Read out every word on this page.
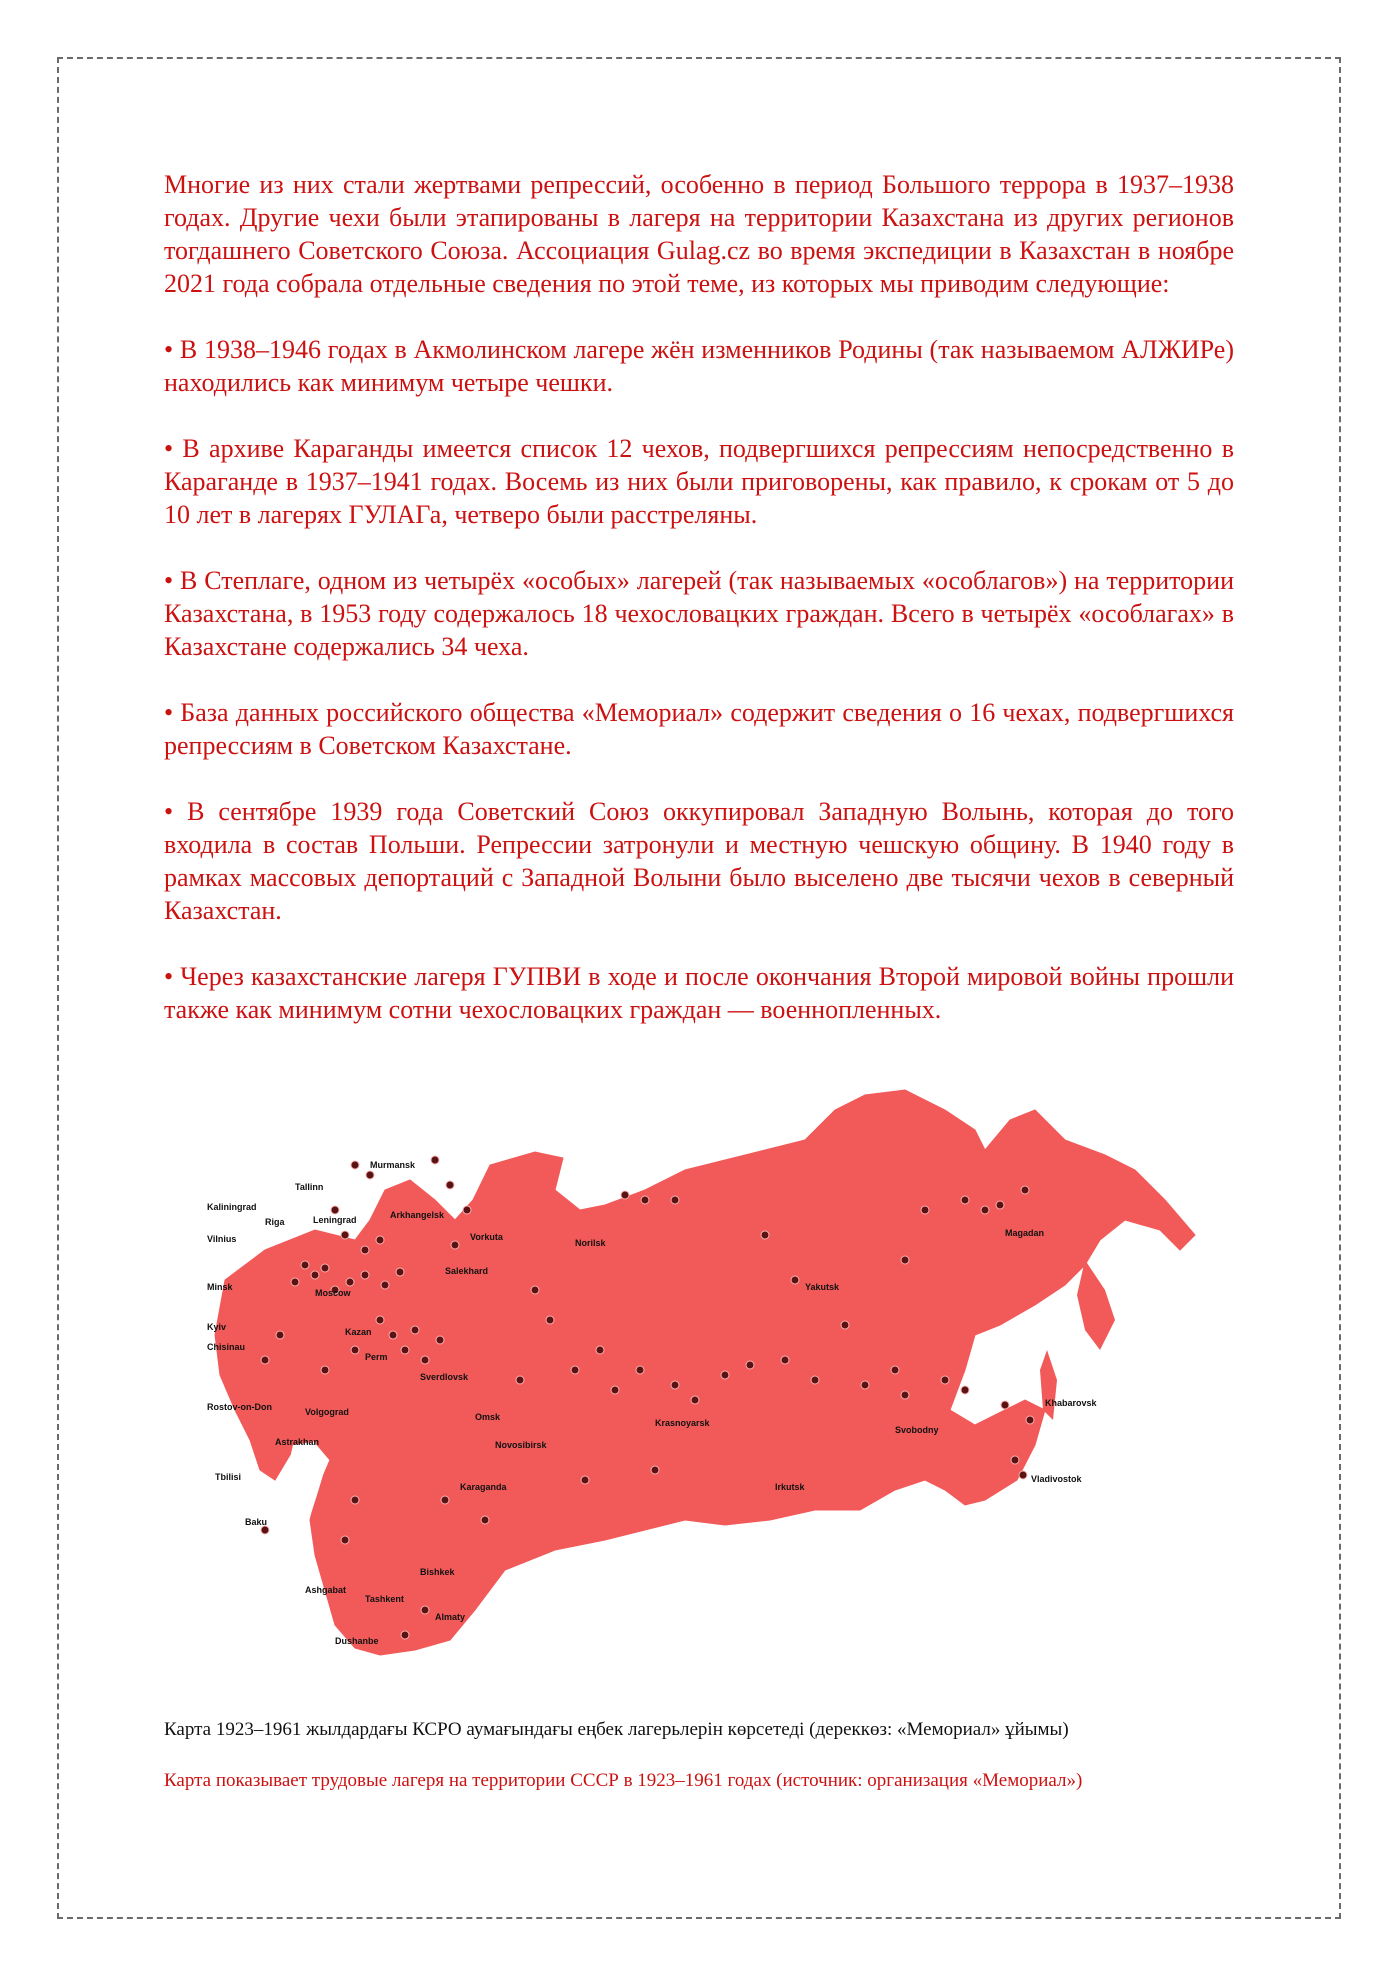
Многие из них стали жертвами репрессий, особенно в период Большого террора в 1937–1938 годах. Другие чехи были этапированы в лагеря на территории Казахстана из других регионов тогдашнего Советского Союза. Ассоциация Gulag.cz во время экспедиции в Казахстан в ноябре 2021 года собрала отдельные сведения по этой теме, из которых мы приводим следующие:

• В 1938–1946 годах в Акмолинском лагере жён изменников Родины (так называемом АЛЖИРе) находились как минимум четыре чешки.

• В архиве Караганды имеется список 12 чехов, подвергшихся репрессиям непосредственно в Караганде в 1937–1941 годах. Восемь из них были приговорены, как правило, к срокам от 5 до 10 лет в лагерях ГУЛАГа, четверо были расстреляны.

• В Степлаге, одном из четырёх «особых» лагерей (так называемых «особлагов») на территории Казахстана, в 1953 году содержалось 18 чехословацких граждан. Всего в четырёх «особлагах» в Казахстане содержались 34 чеха.

• База данных российского общества «Мемориал» содержит сведения о 16 чехах, подвергшихся репрессиям в Советском Казахстане.

• В сентябре 1939 года Советский Союз оккупировал Западную Волынь, которая до того входила в состав Польши. Репрессии затронули и местную чешскую общину. В 1940 году в рамках массовых депортаций с Западной Волыни было выселено две тысячи чехов в северный Казахстан.

• Через казахстанские лагеря ГУПВИ в ходе и после окончания Второй мировой войны прошли также как минимум сотни чехословацких граждан — военнопленных.

Murmansk
Tallinn
Kaliningrad
Riga	Leningrad	Arkhangelsk
Vilnius	Vorkuta
Norilsk
Magadan
Minsk
Moscow
Salekhard
Yakutsk
Kyiv
Chisinau
Kazan
Perm
Sverdlovsk
Rostov-on-Don	Volgograd	Omsk
Krasnoyarsk
Svobodny
Khabarovsk
Astrakhan	Novosibirsk
Tbilisi
Karaganda	Irkutsk
Vladivostok
Baku
Bishkek
Ashgabat
Tashkent
Almaty
Dushanbe
Карта 1923–1961 жылдардағы КСРО аумағындағы еңбек лагерьлерін көрсетеді (дереккөз: «Мемориал» ұйымы)
Карта показывает трудовые лагеря на территории СССР в 1923–1961 годах (источник: организация «Мемориал»)
